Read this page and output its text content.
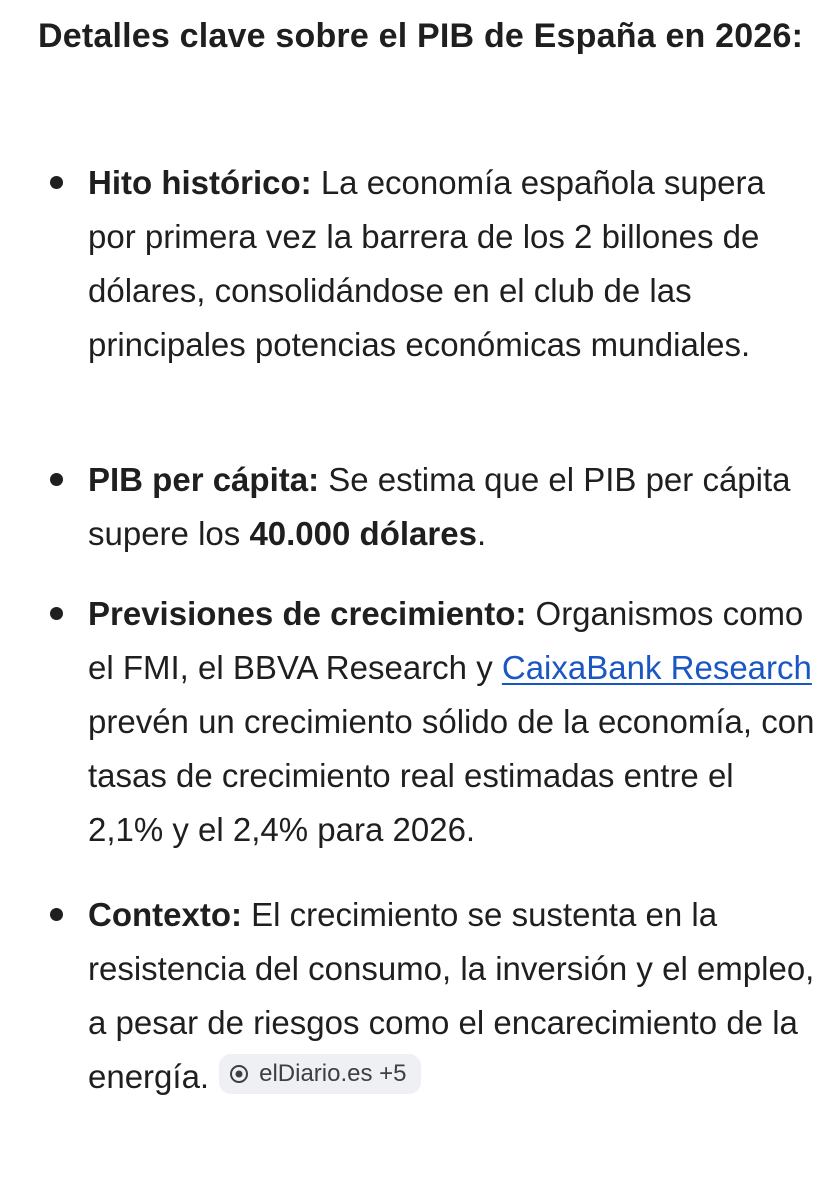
Detalles clave sobre el PIB de España en 2026:
Hito histórico: La economía española supera por primera vez la barrera de los 2 billones de dólares, consolidándose en el club de las principales potencias económicas mundiales.
PIB per cápita: Se estima que el PIB per cápita supere los 40.000 dólares.
Previsiones de crecimiento: Organismos como el FMI, el BBVA Research y CaixaBank Research prevén un crecimiento sólido de la economía, con tasas de crecimiento real estimadas entre el 2,1% y el 2,4% para 2026.
Contexto: El crecimiento se sustenta en la resistencia del consumo, la inversión y el empleo, a pesar de riesgos como el encarecimiento de la
energía. elDiario.es +5
